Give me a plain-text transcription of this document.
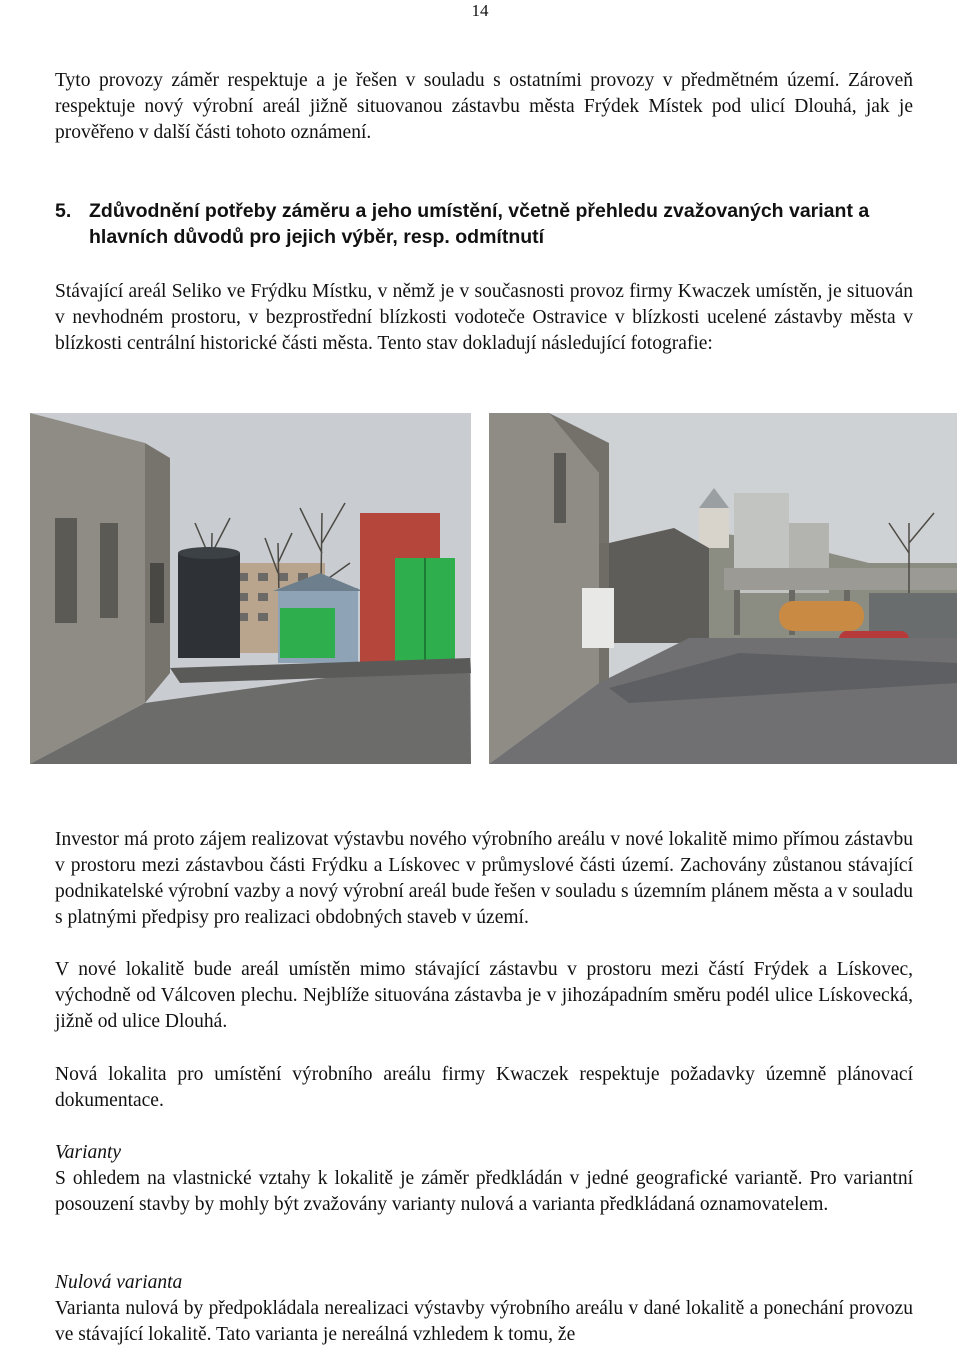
14

Tyto provozy záměr respektuje a je řešen v souladu s ostatními provozy v předmětném území. Zároveň respektuje nový výrobní areál jižně situovanou zástavbu města Frýdek Místek pod ulicí Dlouhá, jak je prověřeno v další části tohoto oznámení.

5. Zdůvodnění potřeby záměru a jeho umístění, včetně přehledu zvažovaných variant a hlavních důvodů pro jejich výběr, resp. odmítnutí

Stávající areál Seliko ve Frýdku Místku, v němž je v současnosti provoz firmy Kwaczek umístěn, je situován v nevhodném prostoru, v bezprostřední blízkosti vodoteče Ostravice v blízkosti ucelené zástavby města v blízkosti centrální historické části města. Tento stav dokladují následující fotografie:

Investor má proto zájem realizovat výstavbu nového výrobního areálu v nové lokalitě mimo přímou zástavbu v prostoru mezi zástavbou části Frýdku a Lískovec v průmyslové části území. Zachovány zůstanou stávající podnikatelské výrobní vazby a nový výrobní areál bude řešen v souladu s územním plánem města a v souladu s platnými předpisy pro realizaci obdobných staveb v území.

V nové lokalitě bude areál umístěn mimo stávající zástavbu v prostoru mezi částí Frýdek a Lískovec, východně od Válcoven plechu. Nejblíže situována zástavba je v jihozápadním směru podél ulice Lískovecká, jižně od ulice Dlouhá.

Nová lokalita pro umístění výrobního areálu firmy Kwaczek respektuje požadavky územně plánovací dokumentace.

Varianty

S ohledem na vlastnické vztahy k lokalitě je záměr předkládán v jedné geografické variantě. Pro variantní posouzení stavby by mohly být zvažovány varianty nulová a varianta předkládaná oznamovatelem.

Nulová varianta

Varianta nulová by předpokládala nerealizaci výstavby výrobního areálu v dané lokalitě a ponechání provozu ve stávající lokalitě. Tato varianta je nereálná vzhledem k tomu, že
